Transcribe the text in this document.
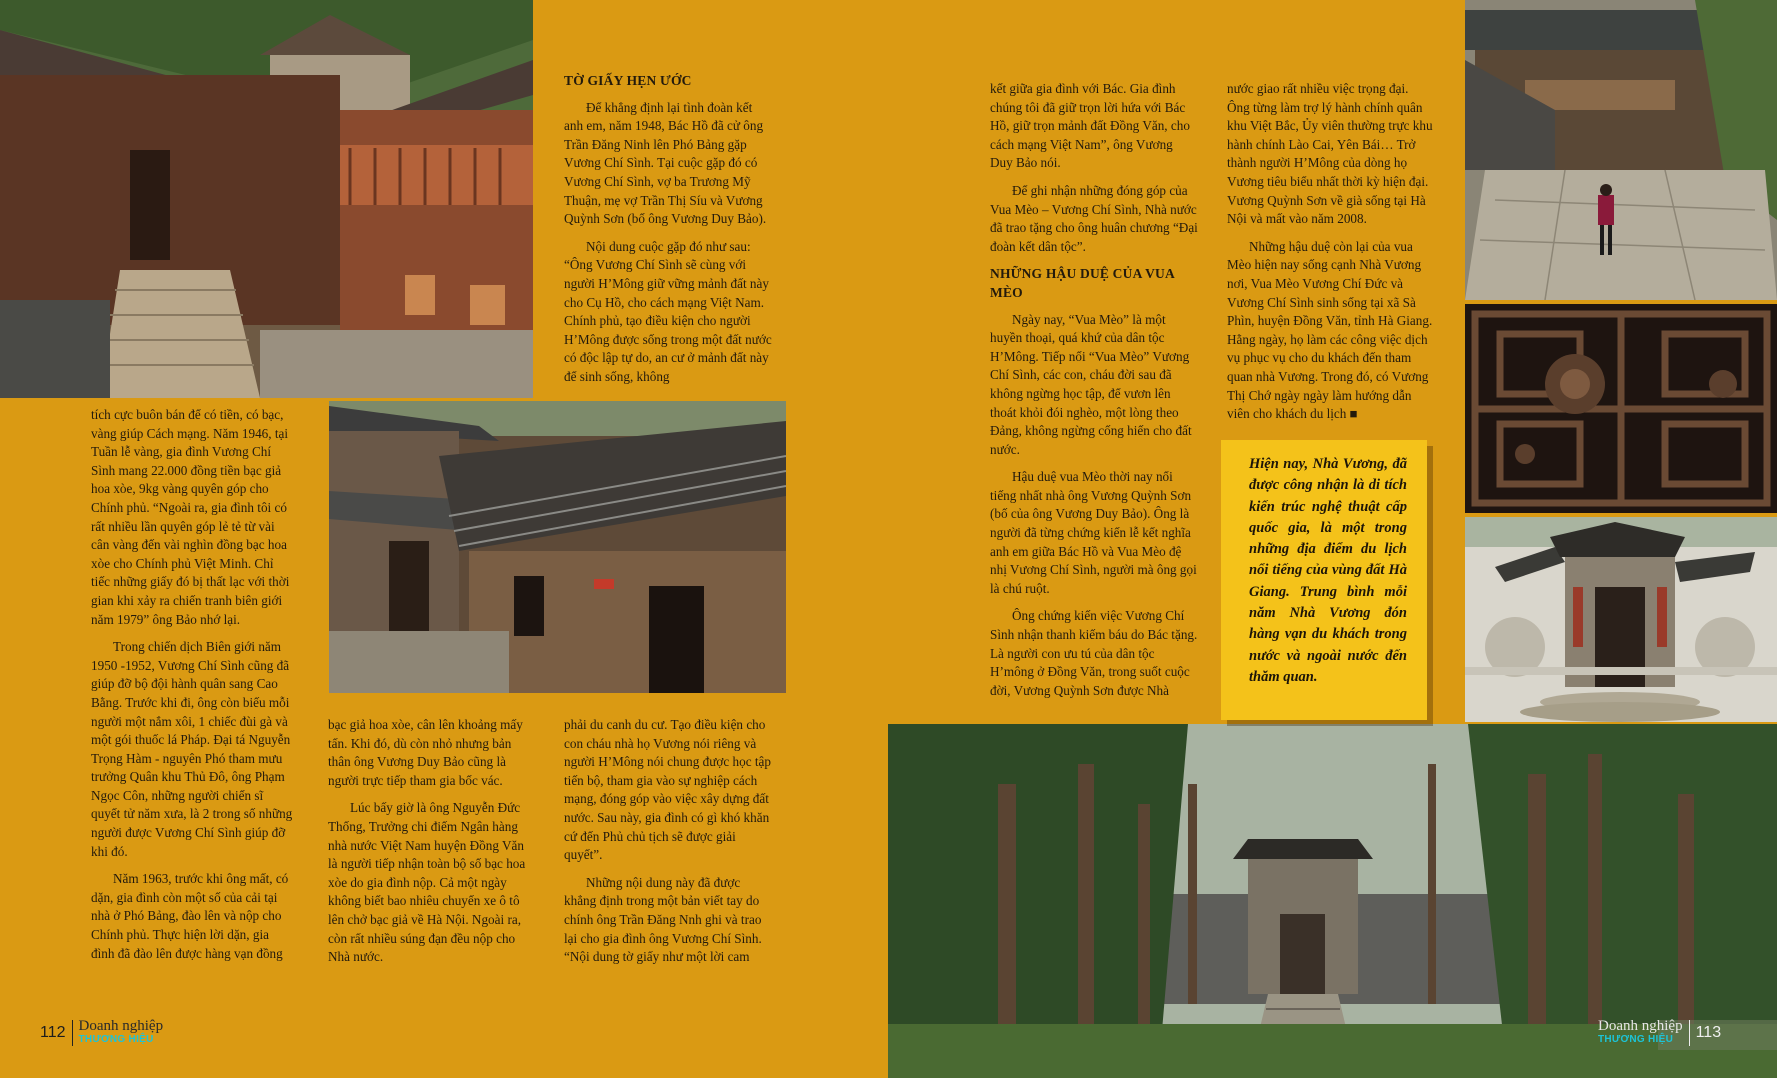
tích cực buôn bán để có tiền, có bạc, vàng giúp Cách mạng. Năm 1946, tại Tuần lễ vàng, gia đình Vương Chí Sình mang 22.000 đồng tiền bạc giả hoa xòe, 9kg vàng quyên góp cho Chính phủ. “Ngoài ra, gia đình tôi có rất nhiều lần quyên góp lẻ tẻ từ vài cân vàng đến vài nghìn đồng bạc hoa xòe cho Chính phủ Việt Minh. Chỉ tiếc những giấy đó bị thất lạc với thời gian khi xảy ra chiến tranh biên giới năm 1979” ông Bảo nhớ lại.

Trong chiến dịch Biên giới năm 1950 -1952, Vương Chí Sình cũng đã giúp đỡ bộ đội hành quân sang Cao Bằng. Trước khi đi, ông còn biếu mỗi người một nắm xôi, 1 chiếc đùi gà và một gói thuốc lá Pháp. Đại tá Nguyễn Trọng Hàm - nguyên Phó tham mưu trưởng Quân khu Thủ Đô, ông Phạm Ngọc Côn, những người chiến sĩ quyết tử năm xưa, là 2 trong số những người được Vương Chí Sình giúp đỡ khi đó.

Năm 1963, trước khi ông mất, có dặn, gia đình còn một số của cải tại nhà ở Phó Bảng, đào lên và nộp cho Chính phủ. Thực hiện lời dặn, gia đình đã đào lên được hàng vạn đồng

bạc giả hoa xòe, cân lên khoảng mấy tấn. Khi đó, dù còn nhỏ nhưng bản thân ông Vương Duy Bảo cũng là người trực tiếp tham gia bốc vác.

Lúc bấy giờ là ông Nguyễn Đức Thống, Trưởng chi điếm Ngân hàng nhà nước Việt Nam huyện Đồng Văn là người tiếp nhận toàn bộ số bạc hoa xòe do gia đình nộp. Cả một ngày không biết bao nhiêu chuyến xe ô tô lên chở bạc giả về Hà Nội. Ngoài ra, còn rất nhiều súng đạn đều nộp cho Nhà nước.

TỜ GIẤY HẸN ƯỚC

Để khẳng định lại tình đoàn kết anh em, năm 1948, Bác Hồ đã cử ông Trần Đăng Ninh lên Phó Bảng gặp Vương Chí Sình. Tại cuộc gặp đó có Vương Chí Sình, vợ ba Trương Mỹ Thuận, mẹ vợ Trần Thị Síu và Vương Quỳnh Sơn (bố ông Vương Duy Bảo).

Nội dung cuộc gặp đó như sau: “Ông Vương Chí Sình sẽ cùng với người H’Mông giữ vững mảnh đất này cho Cụ Hồ, cho cách mạng Việt Nam. Chính phủ, tạo điều kiện cho người H’Mông được sống trong một đất nước có độc lập tự do, an cư ở mảnh đất này để sinh sống, không

phải du canh du cư. Tạo điều kiện cho con cháu nhà họ Vương nói riêng và người H’Mông nói chung được học tập tiến bộ, tham gia vào sự nghiệp cách mạng, đóng góp vào việc xây dựng đất nước. Sau này, gia đình có gì khó khăn cứ đến Phủ chủ tịch sẽ được giải quyết”.

Những nội dung này đã được khẳng định trong một bản viết tay do chính ông Trần Đăng Nnh ghi và trao lại cho gia đình ông Vương Chí Sình. “Nội dung tờ giấy như một lời cam

kết giữa gia đình với Bác. Gia đình chúng tôi đã giữ trọn lời hứa với Bác Hồ, giữ trọn mảnh đất Đồng Văn, cho cách mạng Việt Nam”, ông Vương Duy Bảo nói.

Để ghi nhận những đóng góp của Vua Mèo – Vương Chí Sình, Nhà nước đã trao tặng cho ông huân chương “Đại đoàn kết dân tộc”.

NHỮNG HẬU DUỆ CỦA VUA MÈO

Ngày nay, “Vua Mèo” là một huyền thoại, quá khứ của dân tộc H’Mông. Tiếp nối “Vua Mèo” Vương Chí Sình, các con, cháu đời sau đã không ngừng học tập, để vươn lên thoát khỏi đói nghèo, một lòng theo Đảng, không ngừng cống hiến cho đất nước.

Hậu duệ vua Mèo thời nay nổi tiếng nhất nhà ông Vương Quỳnh Sơn (bố của ông Vương Duy Bảo). Ông là người đã từng chứng kiến lễ kết nghĩa anh em giữa Bác Hồ và Vua Mèo đệ nhị Vương Chí Sình, người mà ông gọi là chú ruột.

Ông chứng kiến việc Vương Chí Sình nhận thanh kiếm báu do Bác tặng. Là người con ưu tú của dân tộc H’mông ở Đồng Văn, trong suốt cuộc đời, Vương Quỳnh Sơn được Nhà

nước giao rất nhiều việc trọng đại. Ông từng làm trợ lý hành chính quân khu Việt Bắc, Ủy viên thường trực khu hành chính Lào Cai, Yên Bái… Trở thành người H’Mông của dòng họ Vương tiêu biểu nhất thời kỳ hiện đại. Vương Quỳnh Sơn về già sống tại Hà Nội và mất vào năm 2008.

Những hậu duệ còn lại của vua Mèo hiện nay sống cạnh Nhà Vương nơi, Vua Mèo Vương Chí Đức và Vương Chí Sình sinh sống tại xã Sà Phìn, huyện Đồng Văn, tỉnh Hà Giang. Hằng ngày, họ làm các công việc dịch vụ phục vụ cho du khách đến tham quan nhà Vương. Trong đó, có Vương Thị Chớ ngày ngày làm hướng dẫn viên cho khách du lịch ■

Hiện nay, Nhà Vương, đã được công nhận là di tích kiến trúc nghệ thuật cấp quốc gia, là một trong những địa điểm du lịch nổi tiếng của vùng đất Hà Giang. Trung bình mỗi năm Nhà Vương đón hàng vạn du khách trong nước và ngoài nước đến thăm quan.
112 Doanh nghiệp
THƯƠNG HIỆU
Doanh nghiệp
THƯƠNG HIỆU	113
